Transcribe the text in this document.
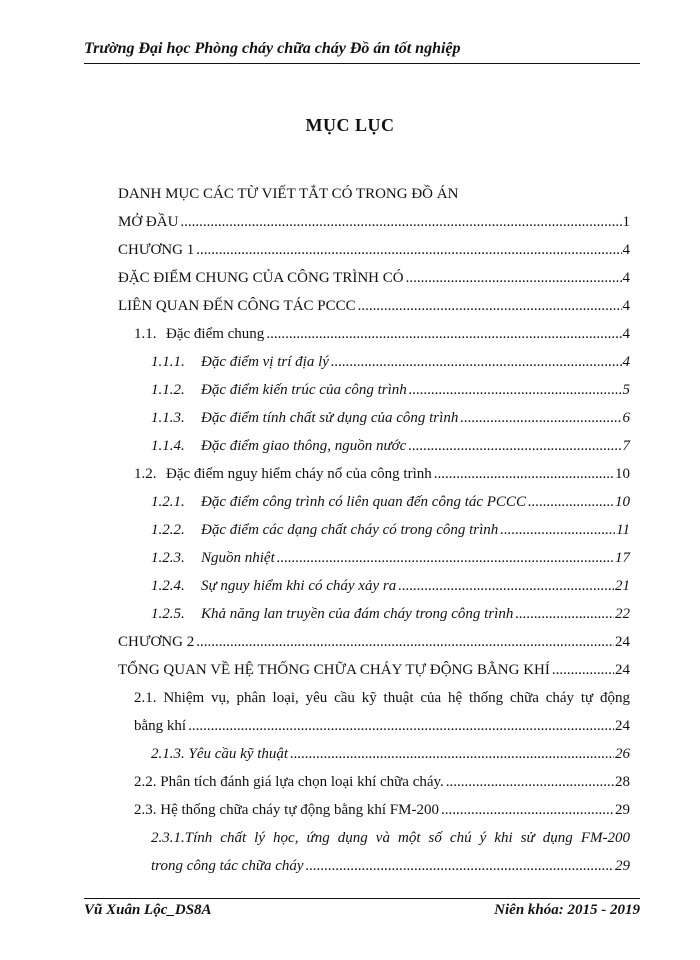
Trường Đại học Phòng cháy chữa cháy Đồ án tốt nghiệp
MỤC LỤC
DANH MỤC CÁC TỪ VIẾT TẮT CÓ TRONG ĐỒ ÁN
MỞ ĐẦU .....	1
CHƯƠNG 1 .....	4
ĐẶC ĐIỂM CHUNG CỦA CÔNG TRÌNH CÓ .....	4
LIÊN QUAN ĐẾN CÔNG TÁC PCCC .....	4
1.1. Đặc điểm chung .....	4
1.1.1. Đặc điểm vị trí địa lý .....	4
1.1.2. Đặc điểm kiến trúc của công trình .....	5
1.1.3. Đặc điểm tính chất sử dụng của công trình .....	6
1.1.4. Đặc điểm giao thông, nguồn nước .....	7
1.2. Đặc điểm nguy hiểm cháy nổ của công trình .....	10
1.2.1. Đặc điểm công trình có liên quan đến công tác PCCC .....	10
1.2.2. Đặc điểm các dạng chất cháy có trong công trình .....	11
1.2.3. Nguồn nhiệt .....	17
1.2.4. Sự nguy hiểm khi có cháy xảy ra .....	21
1.2.5. Khả năng lan truyền của đám cháy trong công trình .....	22
CHƯƠNG 2 .....	24
TỔNG QUAN VỀ HỆ THỐNG CHỮA CHÁY TỰ ĐỘNG BẰNG KHÍ .....	24
2.1. Nhiệm vụ, phân loại, yêu cầu kỹ thuật của hệ thống chữa cháy tự động
bằng khí .....	24
2.1.3. Yêu cầu kỹ thuật .....	26
2.2. Phân tích đánh giá lựa chọn loại khí chữa cháy. .....	28
2.3. Hệ thống chữa cháy tự động bằng khí FM-200 .....	29
2.3.1.Tính chất lý học, ứng dụng và một số chú ý khi sử dụng FM-200
trong công tác chữa cháy .....	29
Vũ Xuân Lộc_DS8A	Niên khóa: 2015 - 2019
